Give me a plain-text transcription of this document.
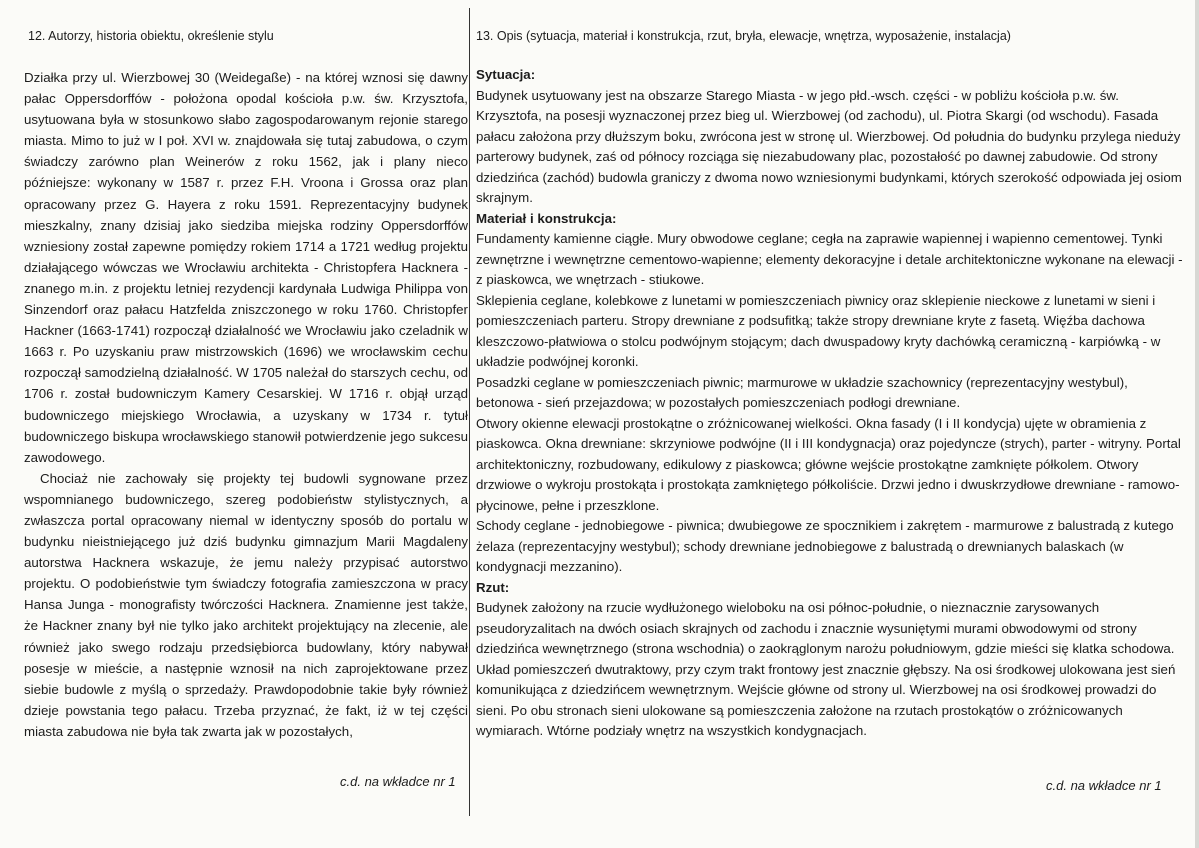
12. Autorzy, historia obiektu, określenie stylu

Działka przy ul. Wierzbowej 30 (Weidegaße) - na której wznosi się dawny pałac Oppersdorffów - położona opodal kościoła p.w. św. Krzysztofa, usytuowana była w stosunkowo słabo zagospodarowanym rejonie starego miasta. Mimo to już w I poł. XVI w. znajdowała się tutaj zabudowa, o czym świadczy zarówno plan Weinerów z roku 1562, jak i plany nieco późniejsze: wykonany w 1587 r. przez F.H. Vroona i Grossa oraz plan opracowany przez G. Hayera z roku 1591. Reprezentacyjny budynek mieszkalny, znany dzisiaj jako siedziba miejska rodziny Oppersdorffów wzniesiony został zapewne pomiędzy rokiem 1714 a 1721 według projektu działającego wówczas we Wrocławiu architekta - Christopfera Hacknera - znanego m.in. z projektu letniej rezydencji kardynała Ludwiga Philippa von Sinzendorf oraz pałacu Hatzfelda zniszczonego w roku 1760. Christopfer Hackner (1663-1741) rozpoczął działalność we Wrocławiu jako czeladnik w 1663 r. Po uzyskaniu praw mistrzowskich (1696) we wrocławskim cechu rozpoczął samodzielną działalność. W 1705 należał do starszych cechu, od 1706 r. został budowniczym Kamery Cesarskiej. W 1716 r. objął urząd budowniczego miejskiego Wrocławia, a uzyskany w 1734 r. tytuł budowniczego biskupa wrocławskiego stanowił potwierdzenie jego sukcesu zawodowego.

Chociaż nie zachowały się projekty tej budowli sygnowane przez wspomnianego budowniczego, szereg podobieństw stylistycznych, a zwłaszcza portal opracowany niemal w identyczny sposób do portalu w budynku nieistniejącego już dziś budynku gimnazjum Marii Magdaleny autorstwa Hacknera wskazuje, że jemu należy przypisać autorstwo projektu. O podobieństwie tym świadczy fotografia zamieszczona w pracy Hansa Junga - monografisty twórczości Hacknera. Znamienne jest także, że Hackner znany był nie tylko jako architekt projektujący na zlecenie, ale również jako swego rodzaju przedsiębiorca budowlany, który nabywał posesje w mieście, a następnie wznosił na nich zaprojektowane przez siebie budowle z myślą o sprzedaży. Prawdopodobnie takie były również dzieje powstania tego pałacu. Trzeba przyznać, że fakt, iż w tej części miasta zabudowa nie była tak zwarta jak w pozostałych,

c.d. na wkładce nr 1
13. Opis (sytuacja, materiał i konstrukcja, rzut, bryła, elewacje, wnętrza, wyposażenie, instalacja)

Sytuacja:

Budynek usytuowany jest na obszarze Starego Miasta - w jego płd.-wsch. części - w pobliżu kościoła p.w. św. Krzysztofa, na posesji wyznaczonej przez bieg ul. Wierzbowej (od zachodu), ul. Piotra Skargi (od wschodu). Fasada pałacu założona przy dłuższym boku, zwrócona jest w stronę ul. Wierzbowej. Od południa do budynku przylega niedużу parterowy budynek, zaś od północy rozciąga się niezabudowany plac, pozostałość po dawnej zabudowie. Od strony dziedzińca (zachód) budowla graniczy z dwoma nowo wzniesionymi budynkami, których szerokość odpowiada jej osiom skrajnym.

Materiał i konstrukcja:

Fundamenty kamienne ciągłe. Mury obwodowe ceglane; cegła na zaprawie wapiennej i wapienno cementowej. Tynki zewnętrzne i wewnętrzne cementowo-wapienne; elementy dekoracyjne i detale architektoniczne wykonane na elewacji - z piaskowca, we wnętrzach - stiukowe.

Sklepienia ceglane, kolebkowe z lunetami w pomieszczeniach piwnicy oraz sklepienie nieckowe z lunetami w sieni i pomieszczeniach parteru. Stropy drewniane z podsufitką; także stropy drewniane kryte z fasetą. Więźba dachowa kleszczowo-płatwiowa o stolcu podwójnym stojącym; dach dwuspadowy kryty dachówką ceramiczną - karpiówką - w układzie podwójnej koronki.

Posadzki ceglane w pomieszczeniach piwnic; marmurowe w układzie szachownicy (reprezentacyjny westybul), betonowa - sień przejazdowa; w pozostałych pomieszczeniach podłogi drewniane.

Otwory okienne elewacji prostokątne o zróżnicowanej wielkości. Okna fasady (I i II kondycja) ujęte w obramienia z piaskowca. Okna drewniane: skrzyniowe podwójne (II i III kondygnacja) oraz pojedyncze (strych), parter - witryny. Portal architektoniczny, rozbudowany, edikulowy z piaskowca; główne wejście prostokątne zamknięte półkolem. Otwory drzwiowe o wykroju prostokąta i prostokąta zamkniętego półkoliście. Drzwi jedno i dwuskrzydłowe drewniane - ramowo-płycinowe, pełne i przeszklone.

Schody ceglane - jednobiegowe - piwnica; dwubiegowe ze spocznikiem i zakrętem - marmurowe z balustradą z kutego żelaza (reprezentacyjny westybul); schody drewniane jednobiegowe z balustradą o drewnianych balaskach (w kondygnacji mezzanino).

Rzut:

Budynek założony na rzucie wydłużonego wieloboku na osi północ-południe, o nieznacznie zarysowanych pseudoryzalitach na dwóch osiach skrajnych od zachodu i znacznie wysuniętymi murami obwodowymi od strony dziedzińca wewnętrznego (strona wschodnia) o zaokrąglonym narożu południowym, gdzie mieści się klatka schodowa. Układ pomieszczeń dwutraktowy, przy czym trakt frontowy jest znacznie głębszy. Na osi środkowej ulokowana jest sień komunikująca z dziedzińcem wewnętrznym. Wejście główne od strony ul. Wierzbowej na osi środkowej prowadzi do sieni. Po obu stronach sieni ulokowane są pomieszczenia założone na rzutach prostokątów o zróżnicowanych wymiarach. Wtórne podziały wnętrz na wszystkich kondygnacjach.

c.d. na wkładce nr 1
